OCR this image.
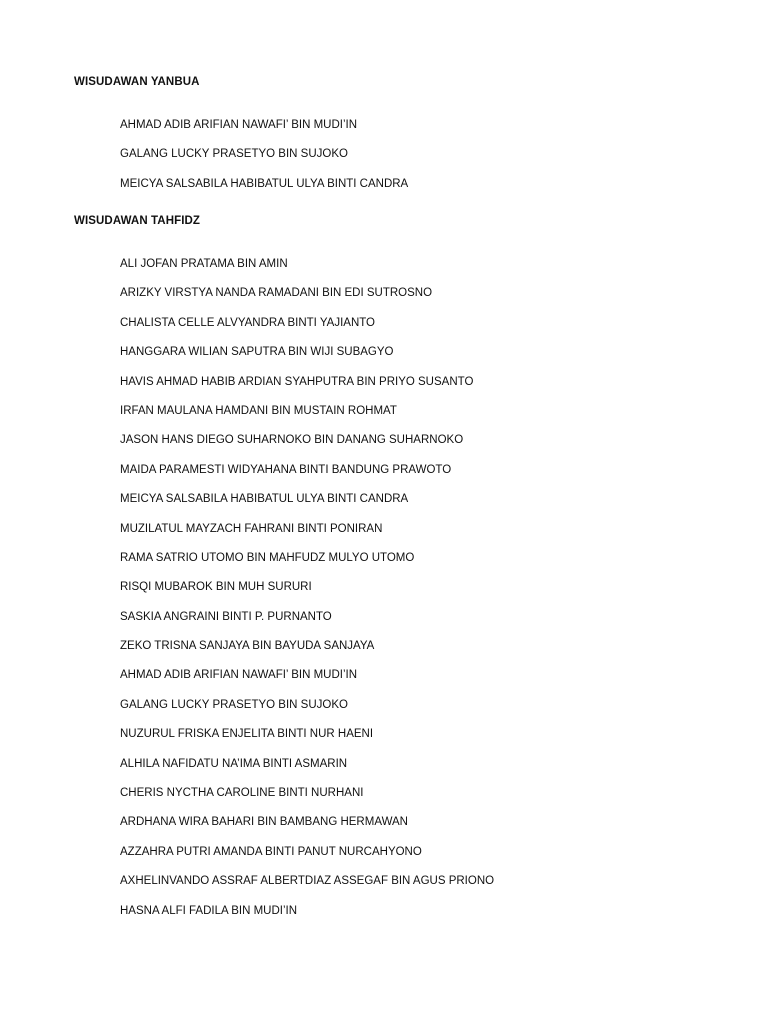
WISUDAWAN YANBUA
AHMAD ADIB ARIFIAN NAWAFI’ BIN MUDI’IN
GALANG LUCKY PRASETYO BIN SUJOKO
MEICYA SALSABILA HABIBATUL ULYA BINTI CANDRA
WISUDAWAN TAHFIDZ
ALI JOFAN PRATAMA BIN AMIN
ARIZKY VIRSTYA NANDA RAMADANI BIN EDI SUTROSNO
CHALISTA CELLE ALVYANDRA BINTI YAJIANTO
HANGGARA WILIAN SAPUTRA BIN WIJI SUBAGYO
HAVIS AHMAD HABIB ARDIAN SYAHPUTRA BIN PRIYO SUSANTO
IRFAN MAULANA HAMDANI BIN MUSTAIN ROHMAT
JASON HANS DIEGO SUHARNOKO BIN DANANG SUHARNOKO
MAIDA PARAMESTI WIDYAHANA BINTI BANDUNG PRAWOTO
MEICYA SALSABILA HABIBATUL ULYA BINTI CANDRA
MUZILATUL MAYZACH FAHRANI BINTI PONIRAN
RAMA SATRIO UTOMO BIN MAHFUDZ MULYO UTOMO
RISQI MUBAROK BIN MUH SURURI
SASKIA ANGRAINI BINTI P. PURNANTO
ZEKO TRISNA SANJAYA BIN BAYUDA SANJAYA
AHMAD ADIB ARIFIAN NAWAFI’ BIN MUDI’IN
GALANG LUCKY PRASETYO BIN SUJOKO
NUZURUL FRISKA ENJELITA BINTI NUR HAENI
ALHILA NAFIDATU NA’IMA BINTI ASMARIN
CHERIS NYCTHA CAROLINE BINTI NURHANI
ARDHANA WIRA BAHARI BIN BAMBANG HERMAWAN
AZZAHRA PUTRI AMANDA BINTI PANUT NURCAHYONO
AXHELINVANDO ASSRAF ALBERTDIAZ ASSEGAF BIN AGUS PRIONO
HASNA ALFI FADILA BIN MUDI’IN
